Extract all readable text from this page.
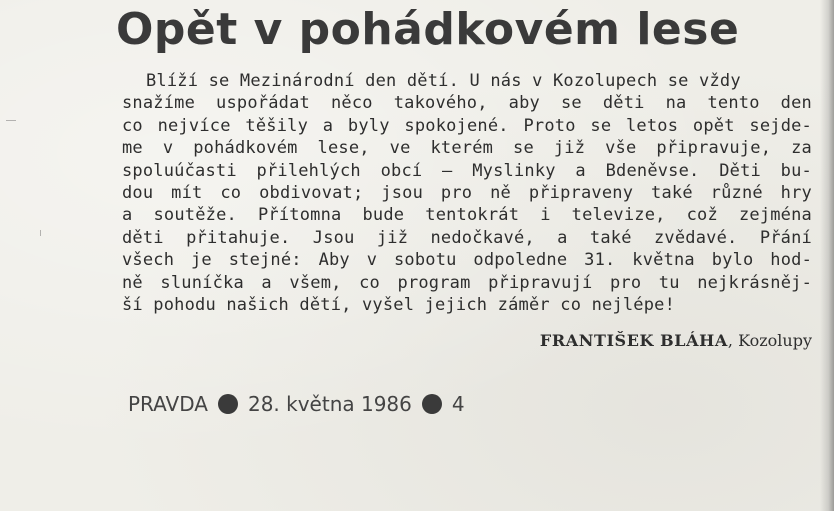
Opět v pohádkovém lese
Blíží se Mezinárodní den dětí. U nás v Kozolupech se vždy
snažíme uspořádat něco takového, aby se děti na tento den
co nejvíce těšily a byly spokojené. Proto se letos opět sejde-
me v pohádkovém lese, ve kterém se již vše připravuje, za
spoluúčasti přilehlých obcí — Myslinky a Bdeněvse. Děti bu-
dou mít co obdivovat; jsou pro ně připraveny také různé hry
a soutěže. Přítomna bude tentokrát i televize, což zejména
děti přitahuje. Jsou již nedočkavé, a také zvědavé. Přání
všech je stejné: Aby v sobotu odpoledne 31. května bylo hod-
ně sluníčka a všem, co program připravují pro tu nejkrásněj-
ší pohodu našich dětí, vyšel jejich záměr co nejlépe!
FRANTIŠEK BLÁHA, Kozolupy
PRAVDA 28. května 1986 4
